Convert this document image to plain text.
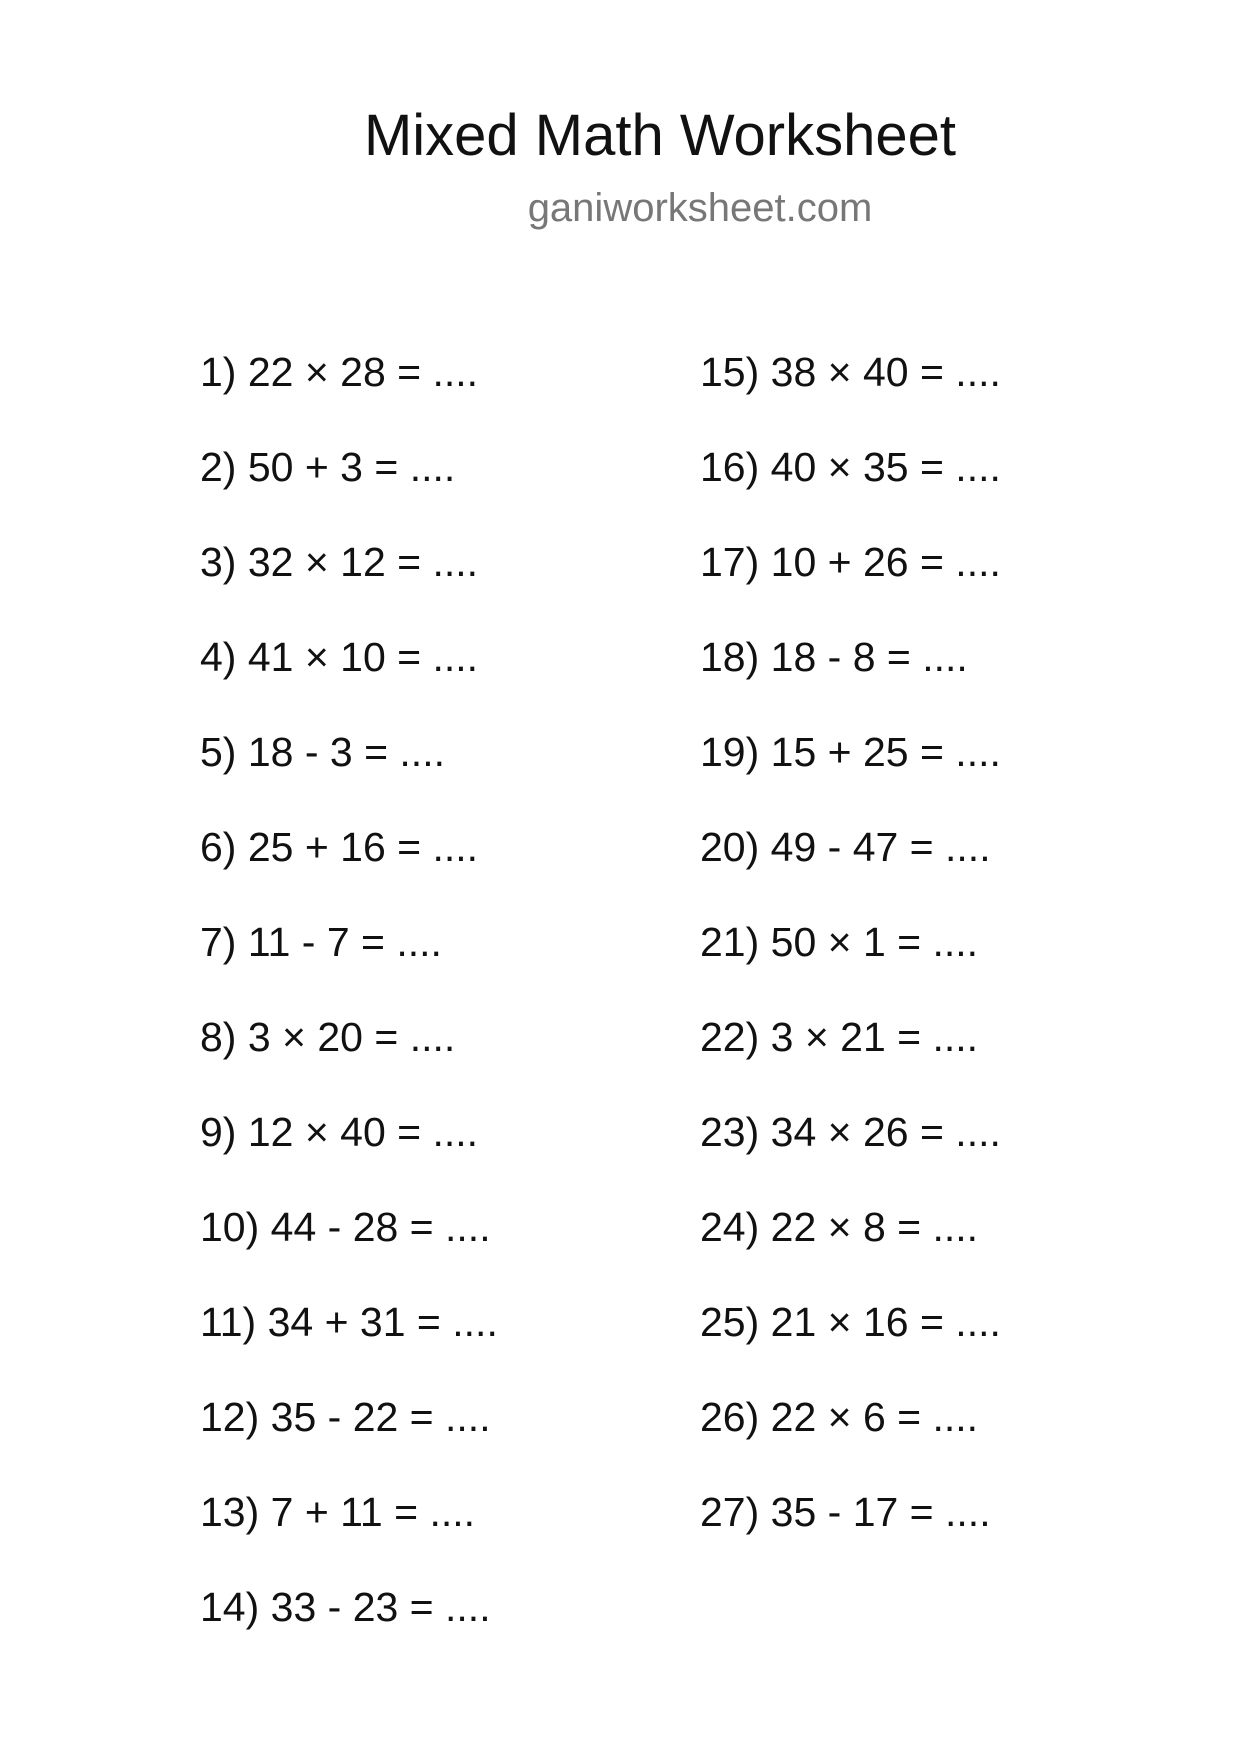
Mixed Math Worksheet
ganiworksheet.com
1) 22 × 28 = ....
2) 50 + 3 = ....
3) 32 × 12 = ....
4) 41 × 10 = ....
5) 18 - 3 = ....
6) 25 + 16 = ....
7) 11 - 7 = ....
8) 3 × 20 = ....
9) 12 × 40 = ....
10) 44 - 28 = ....
11) 34 + 31 = ....
12) 35 - 22 = ....
13) 7 + 11 = ....
14) 33 - 23 = ....
15) 38 × 40 = ....
16) 40 × 35 = ....
17) 10 + 26 = ....
18) 18 - 8 = ....
19) 15 + 25 = ....
20) 49 - 47 = ....
21) 50 × 1 = ....
22) 3 × 21 = ....
23) 34 × 26 = ....
24) 22 × 8 = ....
25) 21 × 16 = ....
26) 22 × 6 = ....
27) 35 - 17 = ....
